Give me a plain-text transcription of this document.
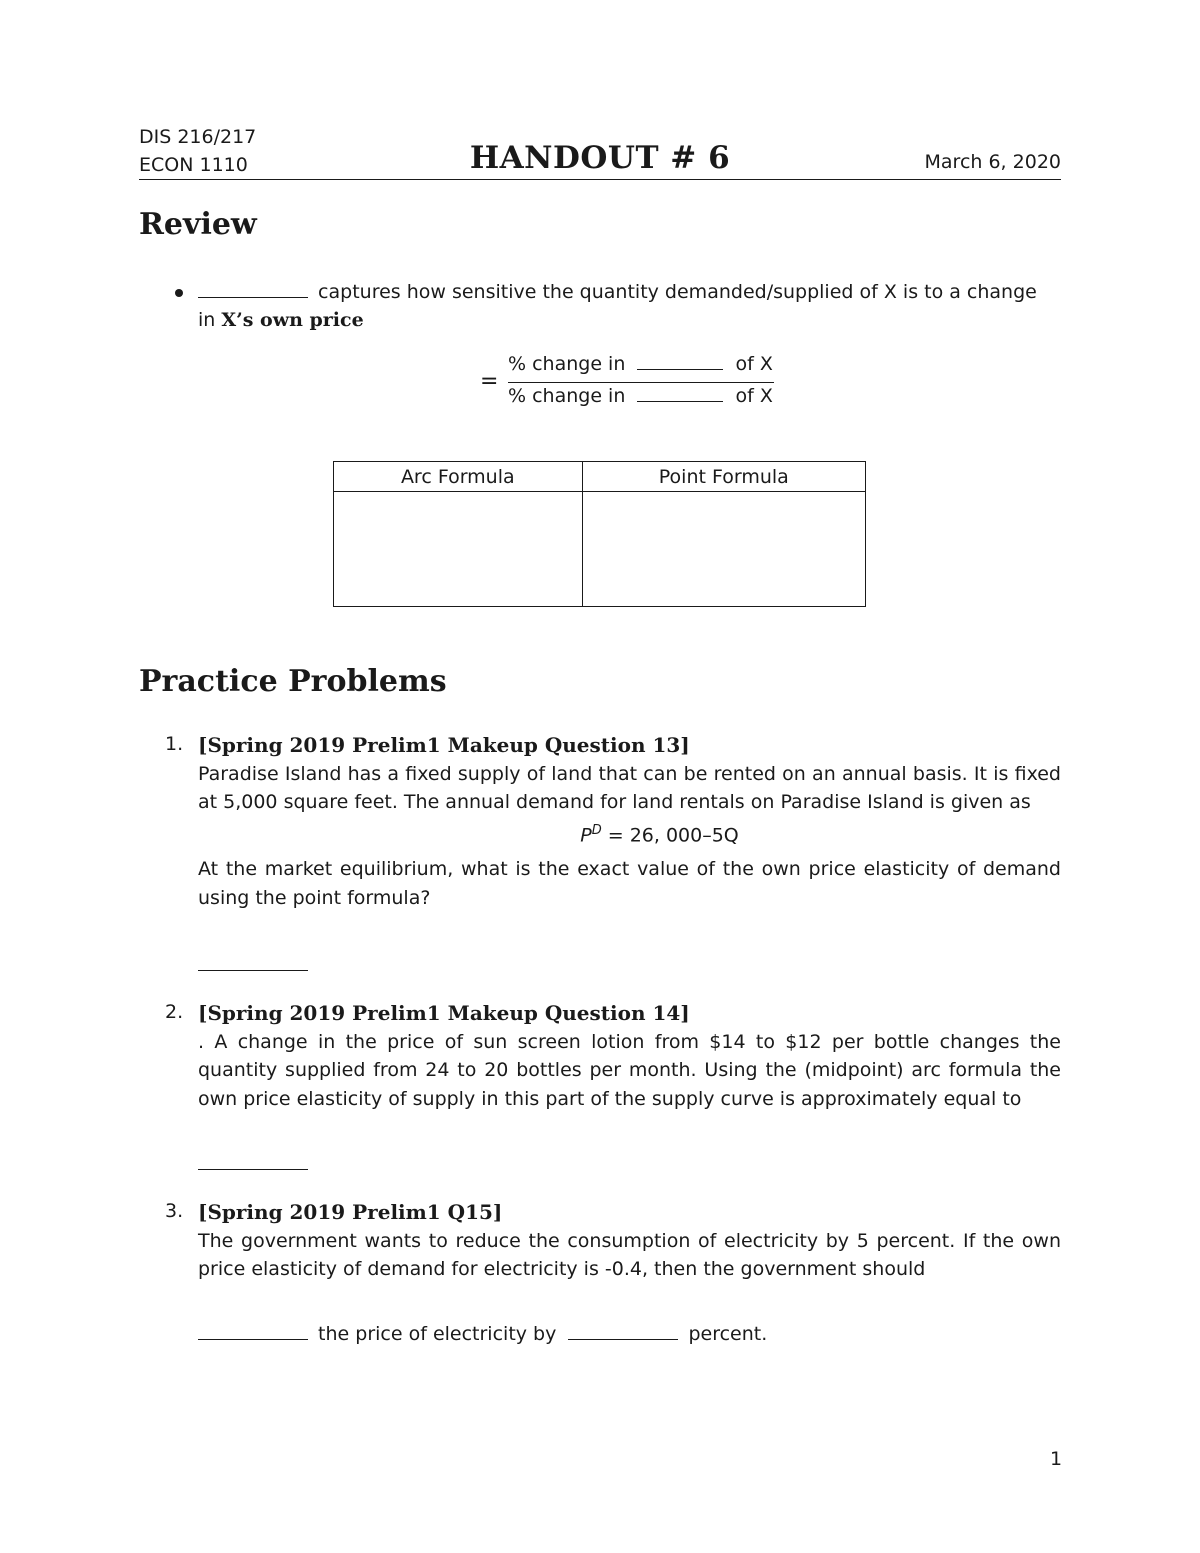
DIS 216/217
ECON 1110	HANDOUT # 6	March 6, 2020
Review
captures how sensitive the quantity demanded/supplied of X is to a change
in X’s own price
=
% change in	of X
% change in	of X
Arc Formula	Point Formula

Practice Problems
1. [Spring 2019 Prelim1 Makeup Question 13]
Paradise Island has a fixed supply of land that can be rented on an annual basis. It is fixed at 5,000 square feet. The annual demand for land rentals on Paradise Island is given as
$P^D = 26$, 000–5Q
At the market equilibrium, what is the exact value of the own price elasticity of demand using the point formula?
2. [Spring 2019 Prelim1 Makeup Question 14]
. A change in the price of sun screen lotion from $14 to $12 per bottle changes the quantity supplied from 24 to 20 bottles per month. Using the (midpoint) arc formula the own price elasticity of supply in this part of the supply curve is approximately equal to
3. [Spring 2019 Prelim1 Q15]
The government wants to reduce the consumption of electricity by 5 percent. If the own price elasticity of demand for electricity is -0.4, then the government should
the price of electricity by	percent.
1
